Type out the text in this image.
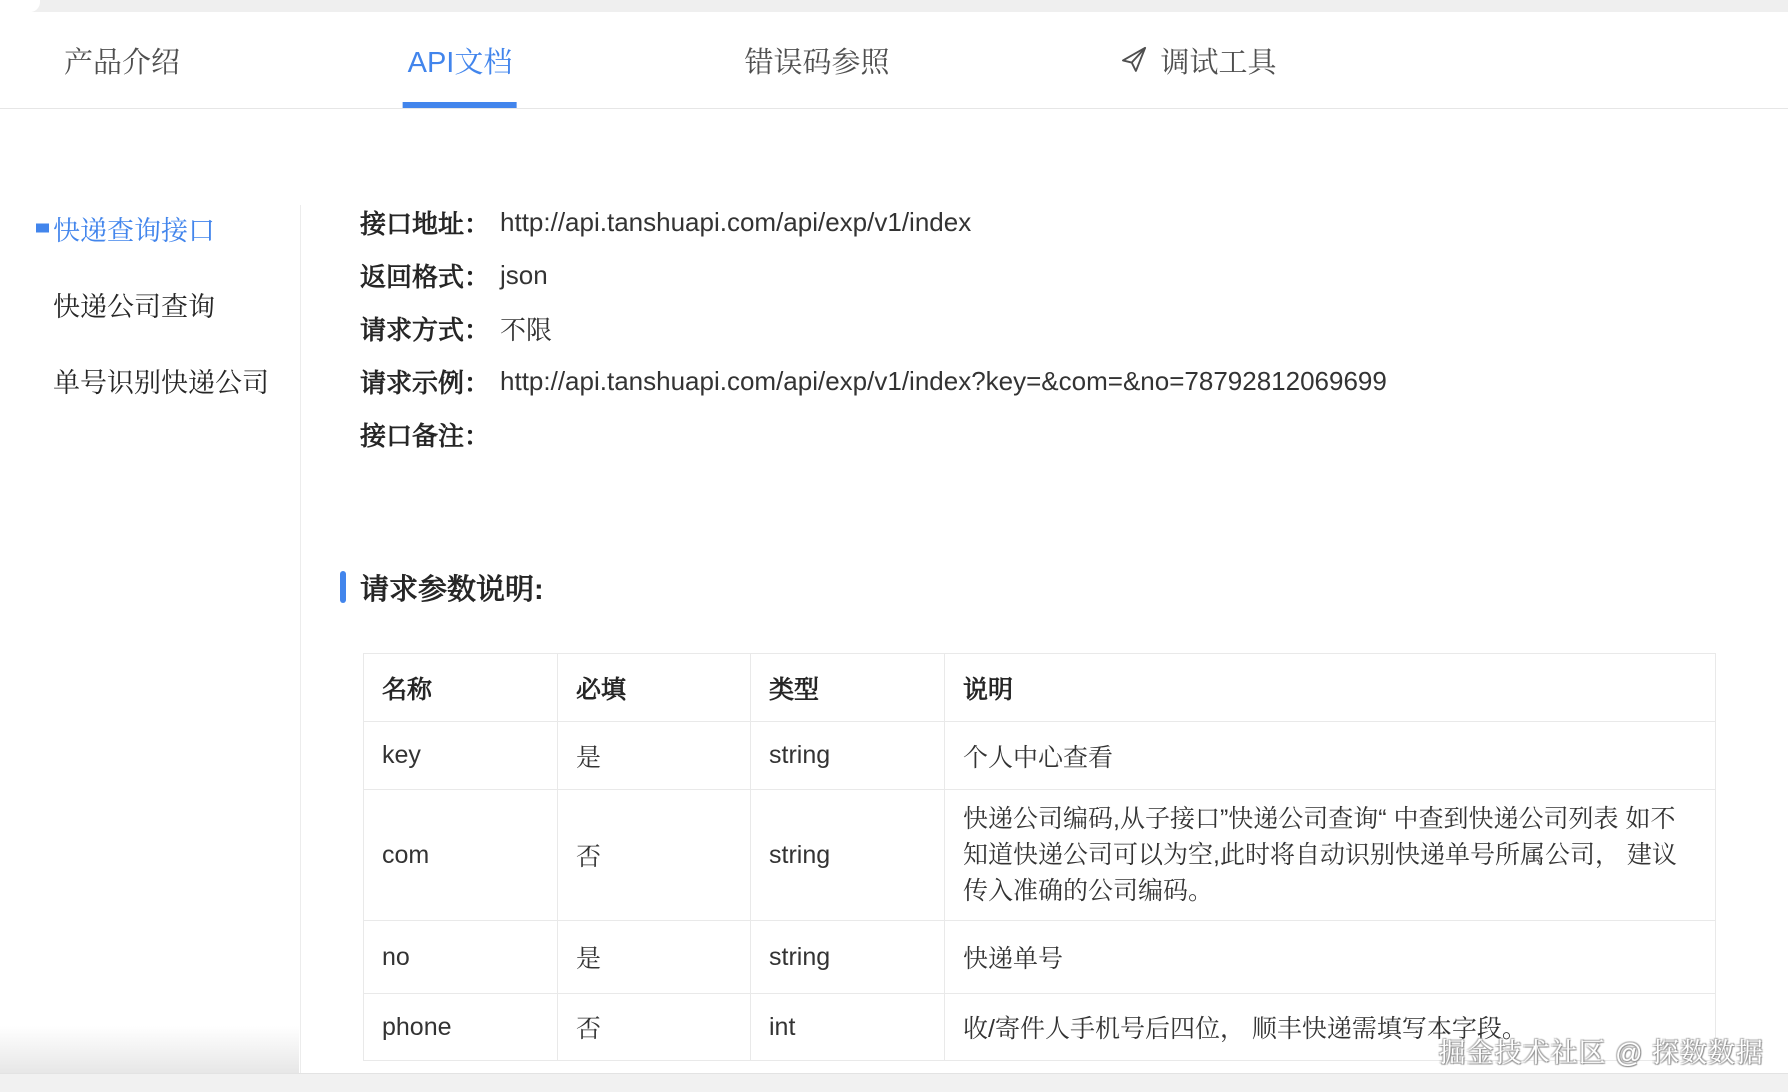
产品介绍	API文档	错误码参照	调试工具
快递查询接口
快递公司查询
单号识别快递公司
接口地址： http://api.tanshuapi.com/api/exp/v1/index
返回格式： json
请求方式： 不限
请求示例： http://api.tanshuapi.com/api/exp/v1/index?key=&com=&no=78792812069699
接口备注：
请求参数说明:
名称	必填	类型	说明
key	是	string	个人中心查看
com	否	string	快递公司编码,从子接口”快递公司查询“ 中查到快递公司列表 如不知道快递公司可以为空,此时将自动识别快递单号所属公司， 建议传入准确的公司编码。
no	是	string	快递单号
phone	否	int	收/寄件人手机号后四位， 顺丰快递需填写本字段。
掘金技术社区 @ 探数数据
